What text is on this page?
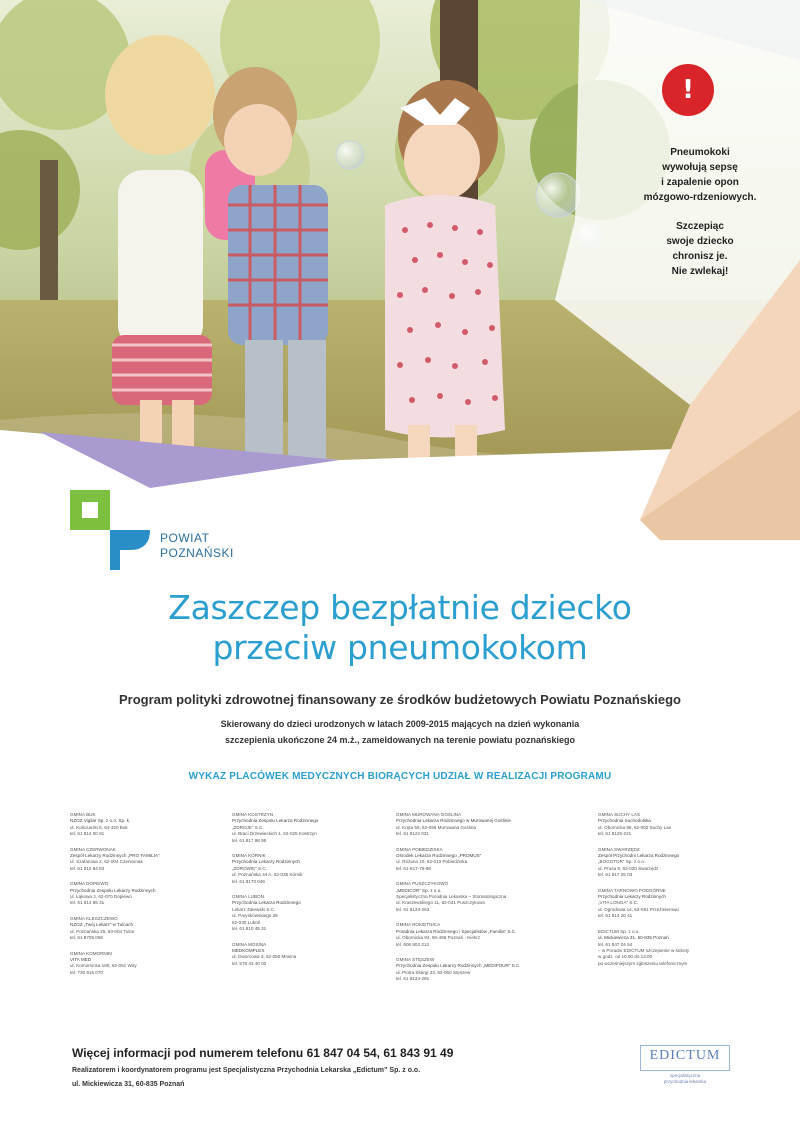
!

Pneumokoki
wywołują sepsę
i zapalenie opon
mózgowo-rdzeniowych.

Szczepiąc
swoje dziecko
chronisz je.
Nie zwlekaj!

POWIAT
POZNAŃSKI
Zaszczep bezpłatnie dziecko
przeciw pneumokokom
Program polityki zdrowotnej finansowany ze środków budżetowych Powiatu Poznańskiego
Skierowany do dzieci urodzonych w latach 2009-2015 mających na dzień wykonania
szczepienia ukończone 24 m.ż., zameldowanych na terenie powiatu poznańskiego
WYKAZ PLACÓWEK MEDYCZNYCH BIORĄCYCH UDZIAŁ W REALIZACJI PROGRAMU
GMINA BUK
NZOZ Vigilar Sp. z o.o. Sp. k.
ul. Kościuszki 5, 64-320 Buk
tel. 61 814 00 81
GMINA CZERWONAK
Zespół Lekarzy Rodzinnych „PRO FAMILIA”
ul. Szafarowa 2, 62-004 Czerwonak
tel. 61 812 84 83
GMINA DOPIEWO
Przychodnia Zespołu Lekarzy Rodzinnych
ul. Łąkowa 2, 62-070 Dopiewo
tel. 61 814 85 31
GMINA KLESZCZEWO
NZOZ „Twój Lekarz” w Tulcach
ul. Poznańska 25, 63-004 Tulce
tel. 61 8705 066
GMINA KOMORNIKI
VITA MED
ul. Komornicka 180, 62-051 Wiry
tel. 730 915 070
GMINA KOSTRZYN
Przychodnia Zespołu Lekarza Rodzinnego
„ZDROJE” S.C.
ul. Braci Drzewieckich 1, 62-025 Kostrzyn
tel. 61 817 88 98
GMINA KÓRNIK
Przychodnia Lekarzy Rodzinnych
„ZDROWIE” S.C.
ul. Poznańska 34 A, 62-035 Kórnik
tel. 61 8170 046
GMINA LUBOŃ
Przychodnia Lekarza Rodzinnego
Lekarz Zalewski S.C.
ul. Paryskowskiego 28
62-030 Luboń
tel. 61 810 46 31
GMINA MOSINA
MEDKOMPLEX
ul. Dworcowa 3, 62-050 Mosina
tel. 578 43 40 00
GMINA MUROWANA GOŚLINA
Przychodnia Lekarza Rodzinnego w Murowanej Goślinie
ul. Kręta 58, 62-095 Murowana Goślina
tel. 61 8122 031
GMINA POBIEDZISKA
Ośrodek Lekarza Rodzinnego „PROMUS”
ul. Różana 10, 62-010 Pobiedziska
tel. 61-817-76-66
GMINA PUSZCZYKOWO
„MEDICOR” Sp. z o.o.
Specjalistyczna Poradnia Lekarska – Stomatologiczna
ul. Kraszewskiego 11, 62-041 Puszczykowo
tel. 61 8133-263
GMINA ROKIETNICA
Poradnia Lekarza Rodzinnego i Specjalistów „Familia” S.C.
ul. Obornicka 84, 60-466 Poznań - Kiekrz
tel. 606 803 313
GMINA STĘSZEW
Przychodnia Zespołu Lekarzy Rodzinnych „MEDIFOUR” S.C.
ul. Piotra Skargi 23, 62-060 Stęszew
tel. 61 8134-281
GMINA SUCHY LAS
Przychodnia Suchodolska
ul. Obornicka 95, 62-002 Suchy Las
tel. 61 8125-221
GMINA SWARZĘDZ
Zespół Przychodni Lekarza Rodzinnego
„BOGOTOR” Sp. z o.o.
ul. Prusa 8, 62-020 Swarzędz
tel. 61 817 25 03
GMINA TARNOWO PODGÓRNE
Przychodnia Lekarzy Rodzinnych
„VITA LONGA” S.C.
ul. Ogrodowa 14, 62-081 Przeźmierowo
tel. 61 814 20 41
EDICTUM Sp. z o.o.
ul. Mickiewicza 31, 60-835 Poznań
tel. 61 847 04 54
– w Poradni EDICTUM szczepienie w soboty
w godz. od 10.00 do 13.00
po wcześniejszym zgłoszeniu telefonicznym
Więcej informacji pod numerem telefonu 61 847 04 54, 61 843 91 49
Realizatorem i koordynatorem programu jest Specjalistyczna Przychodnia Lekarska „Edictum” Sp. z o.o.
ul. Mickiewicza 31, 60-835 Poznań
EDICTUM
specjalistyczna
przychodnia lekarska
